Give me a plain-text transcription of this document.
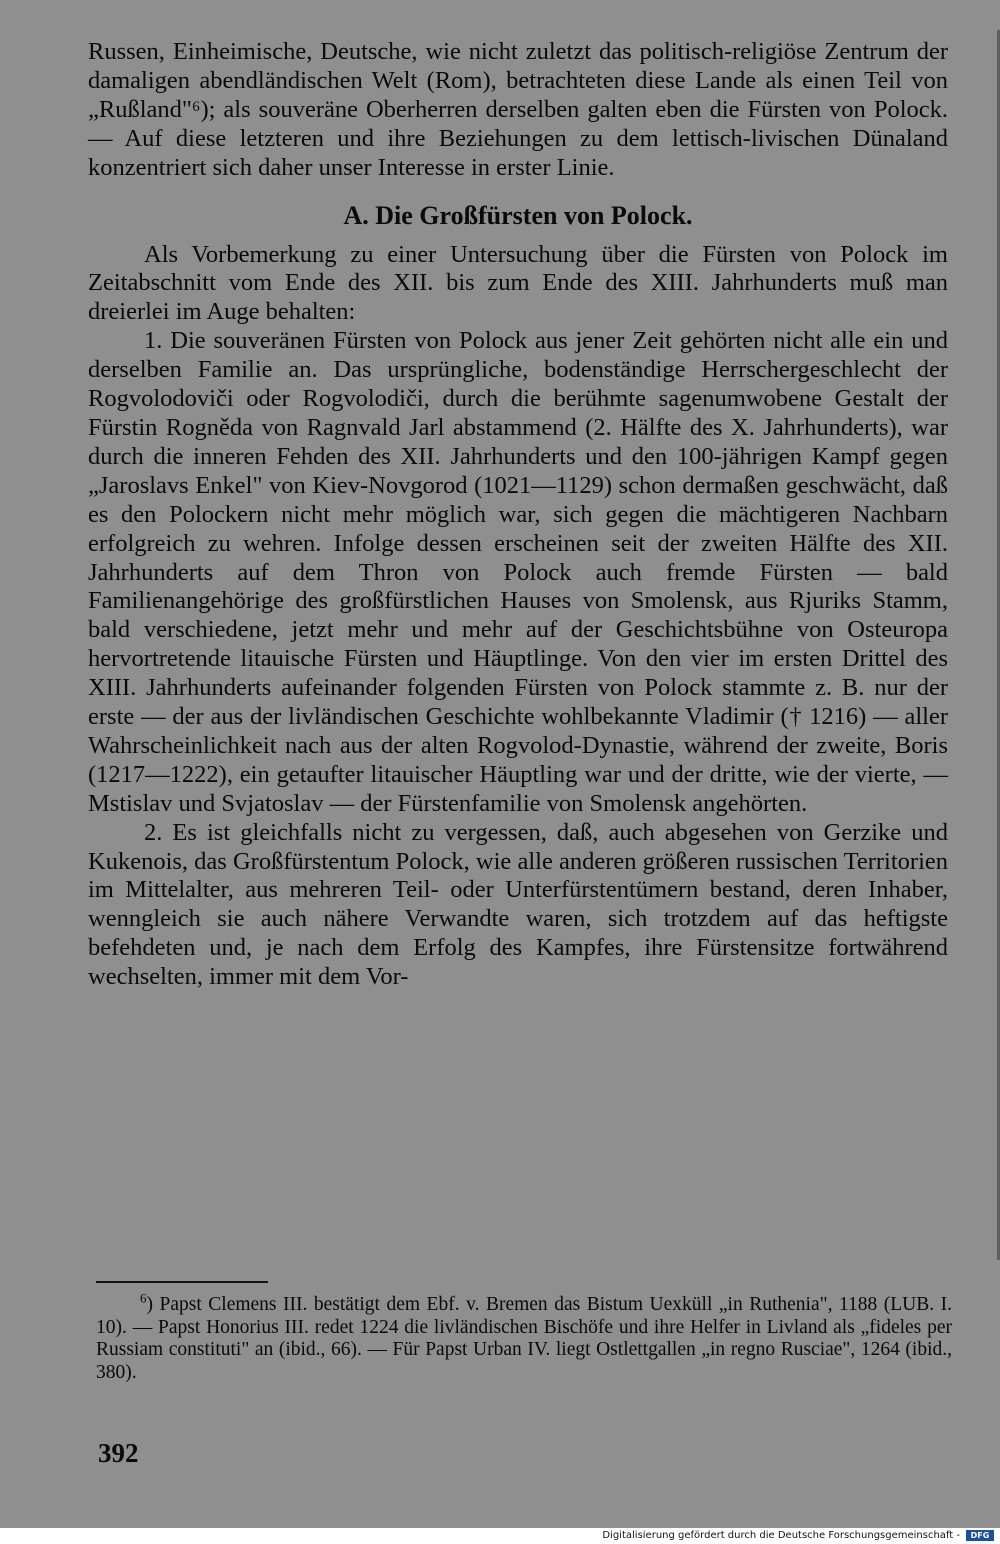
Russen, Einheimische, Deutsche, wie nicht zuletzt das politisch-religiöse Zentrum der damaligen abendländischen Welt (Rom), betrachteten diese Lande als einen Teil von „Rußland"⁶); als souveräne Oberherren derselben galten eben die Fürsten von Polock. — Auf diese letzteren und ihre Beziehungen zu dem lettisch-livischen Dünaland konzentriert sich daher unser Interesse in erster Linie.

A. Die Großfürsten von Polock.

Als Vorbemerkung zu einer Untersuchung über die Fürsten von Polock im Zeitabschnitt vom Ende des XII. bis zum Ende des XIII. Jahrhunderts muß man dreierlei im Auge behalten:

1. Die souveränen Fürsten von Polock aus jener Zeit gehörten nicht alle ein und derselben Familie an. Das ursprüngliche, bodenständige Herrschergeschlecht der Rogvolodoviči oder Rogvolodiči, durch die berühmte sagenumwobene Gestalt der Fürstin Rogněda von Ragnvald Jarl abstammend (2. Hälfte des X. Jahrhunderts), war durch die inneren Fehden des XII. Jahrhunderts und den 100-jährigen Kampf gegen „Jaroslavs Enkel" von Kiev-Novgorod (1021—1129) schon dermaßen geschwächt, daß es den Polockern nicht mehr möglich war, sich gegen die mächtigeren Nachbarn erfolgreich zu wehren. Infolge dessen erscheinen seit der zweiten Hälfte des XII. Jahrhunderts auf dem Thron von Polock auch fremde Fürsten — bald Familienangehörige des großfürstlichen Hauses von Smolensk, aus Rjuriks Stamm, bald verschiedene, jetzt mehr und mehr auf der Geschichtsbühne von Osteuropa hervortretende litauische Fürsten und Häuptlinge. Von den vier im ersten Drittel des XIII. Jahrhunderts aufeinander folgenden Fürsten von Polock stammte z. B. nur der erste — der aus der livländischen Geschichte wohlbekannte Vladimir († 1216) — aller Wahrscheinlichkeit nach aus der alten Rogvolod-Dynastie, während der zweite, Boris (1217—1222), ein getaufter litauischer Häuptling war und der dritte, wie der vierte, — Mstislav und Svjatoslav — der Fürstenfamilie von Smolensk angehörten.

2. Es ist gleichfalls nicht zu vergessen, daß, auch abgesehen von Gerzike und Kukenois, das Großfürstentum Polock, wie alle anderen größeren russischen Territorien im Mittelalter, aus mehreren Teil- oder Unterfürstentümern bestand, deren Inhaber, wenngleich sie auch nähere Verwandte waren, sich trotzdem auf das heftigste befehdeten und, je nach dem Erfolg des Kampfes, ihre Fürstensitze fortwährend wechselten, immer mit dem Vor-

$^6$) Papst Clemens III. bestätigt dem Ebf. v. Bremen das Bistum Uexküll „in Ruthenia", 1188 (LUB. I. 10). — Papst Honorius III. redet 1224 die livländischen Bischöfe und ihre Helfer in Livland als „fideles per Russiam constituti" an (ibid., 66). — Für Papst Urban IV. liegt Ostlettgallen „in regno Rusciae", 1264 (ibid., 380).

392

Digitalisierung gefördert durch die Deutsche Forschungsgemeinschaft -	DFG
